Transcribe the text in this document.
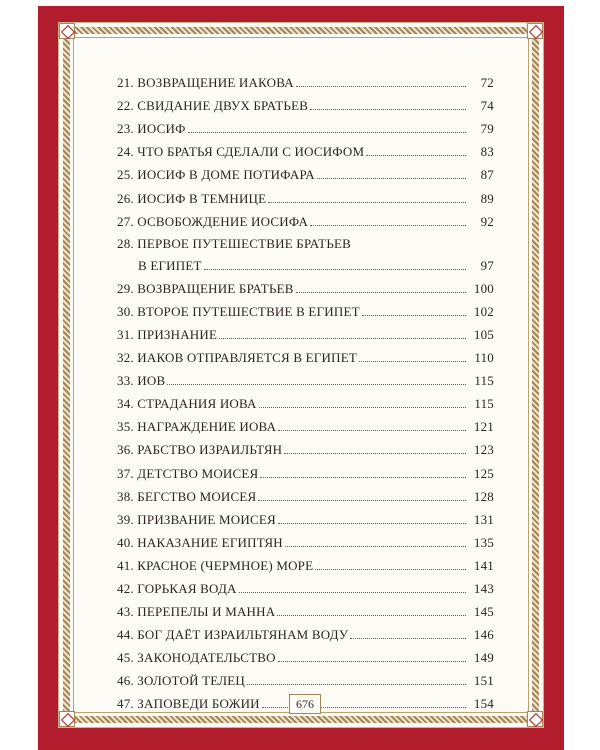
21. ВОЗВРАЩЕНИЕ ИАКОВА	72
22. СВИДАНИЕ ДВУХ БРАТЬЕВ	74
23. ИОСИФ	79
24. ЧТО БРАТЬЯ СДЕЛАЛИ С ИОСИФОМ	83
25. ИОСИФ В ДОМЕ ПОТИФАРА	87
26. ИОСИФ В ТЕМНИЦЕ	89
27. ОСВОБОЖДЕНИЕ ИОСИФА	92
28. ПЕРВОЕ ПУТЕШЕСТВИЕ БРАТЬЕВ
В ЕГИПЕТ	97
29. ВОЗВРАЩЕНИЕ БРАТЬЕВ	100
30. ВТОРОЕ ПУТЕШЕСТВИЕ В ЕГИПЕТ	102
31. ПРИЗНАНИЕ	105
32. ИАКОВ ОТПРАВЛЯЕТСЯ В ЕГИПЕТ	110
33. ИОВ	115
34. СТРАДАНИЯ ИОВА	115
35. НАГРАЖДЕНИЕ ИОВА	121
36. РАБСТВО ИЗРАИЛЬТЯН	123
37. ДЕТСТВО МОИСЕЯ	125
38. БЕГСТВО МОИСЕЯ	128
39. ПРИЗВАНИЕ МОИСЕЯ	131
40. НАКАЗАНИЕ ЕГИПТЯН	135
41. КРАСНОЕ (ЧЕРМНОЕ) МОРЕ	141
42. ГОРЬКАЯ ВОДА	143
43. ПЕРЕПЕЛЫ И МАННА	145
44. БОГ ДАЁТ ИЗРАИЛЬТЯНАМ ВОДУ	146
45. ЗАКОНОДАТЕЛЬСТВО	149
46. ЗОЛОТОЙ ТЕЛЕЦ	151
47. ЗАПОВЕДИ БОЖИИ	154
676
